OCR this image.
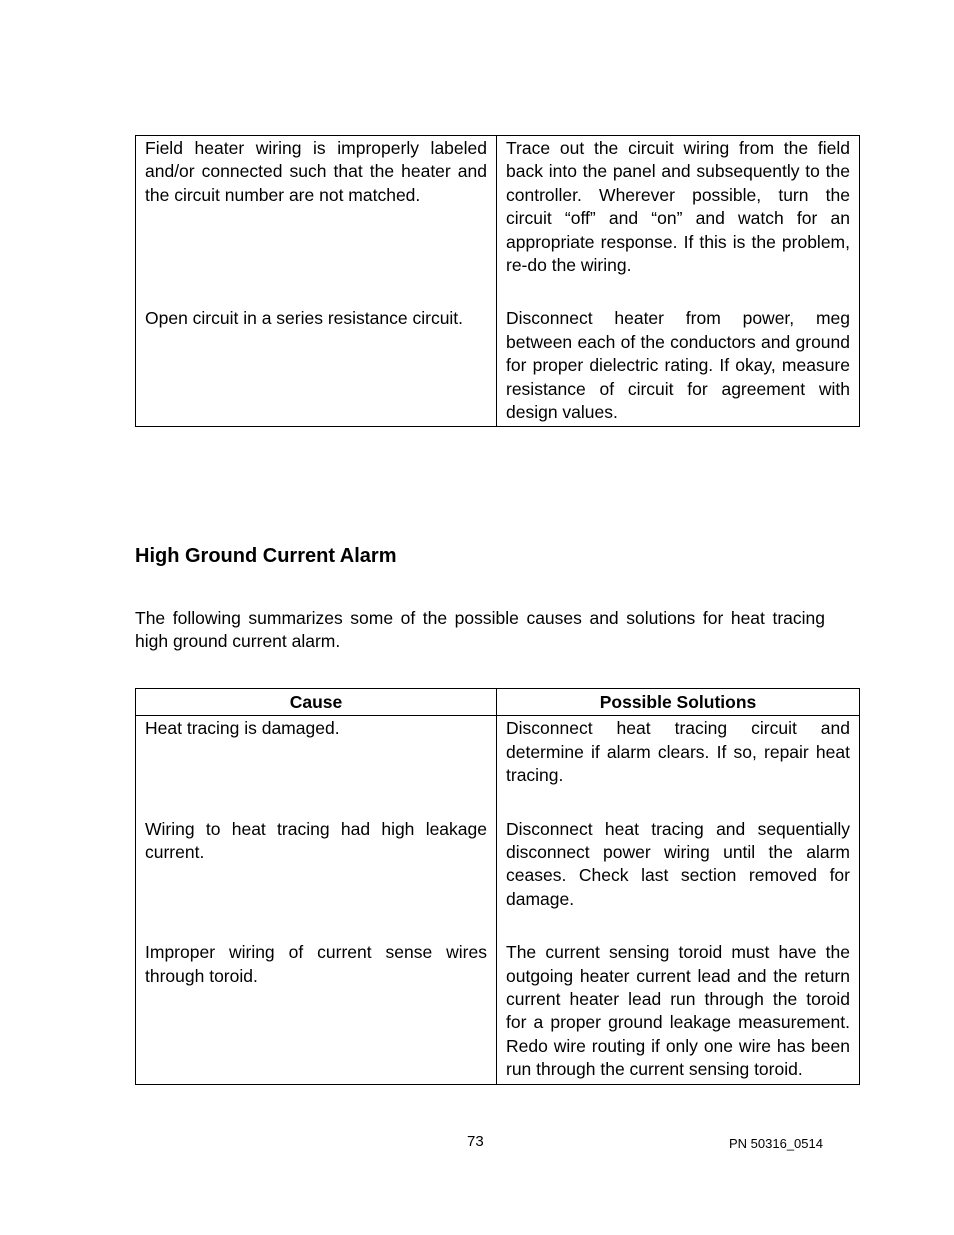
Field heater wiring is improperly labeled and/or connected such that the heater and the circuit number are not matched.	Trace out the circuit wiring from the field back into the panel and subsequently to the controller. Wherever possible, turn the circuit “off” and “on” and watch for an appropriate response. If this is the problem, re-do the wiring.
Open circuit in a series resistance circuit.	Disconnect heater from power, meg between each of the conductors and ground for proper dielectric rating. If okay, measure resistance of circuit for agreement with design values.
High Ground Current Alarm

The following summarizes some of the possible causes and solutions for heat tracing high ground current alarm.

Cause	Possible Solutions
Heat tracing is damaged.	Disconnect heat tracing circuit and determine if alarm clears. If so, repair heat tracing.
Wiring to heat tracing had high leakage current.	Disconnect heat tracing and sequentially disconnect power wiring until the alarm ceases. Check last section removed for damage.
Improper wiring of current sense wires through toroid.	The current sensing toroid must have the outgoing heater current lead and the return current heater lead run through the toroid for a proper ground leakage measurement. Redo wire routing if only one wire has been run through the current sensing toroid.
73	PN 50316_0514
